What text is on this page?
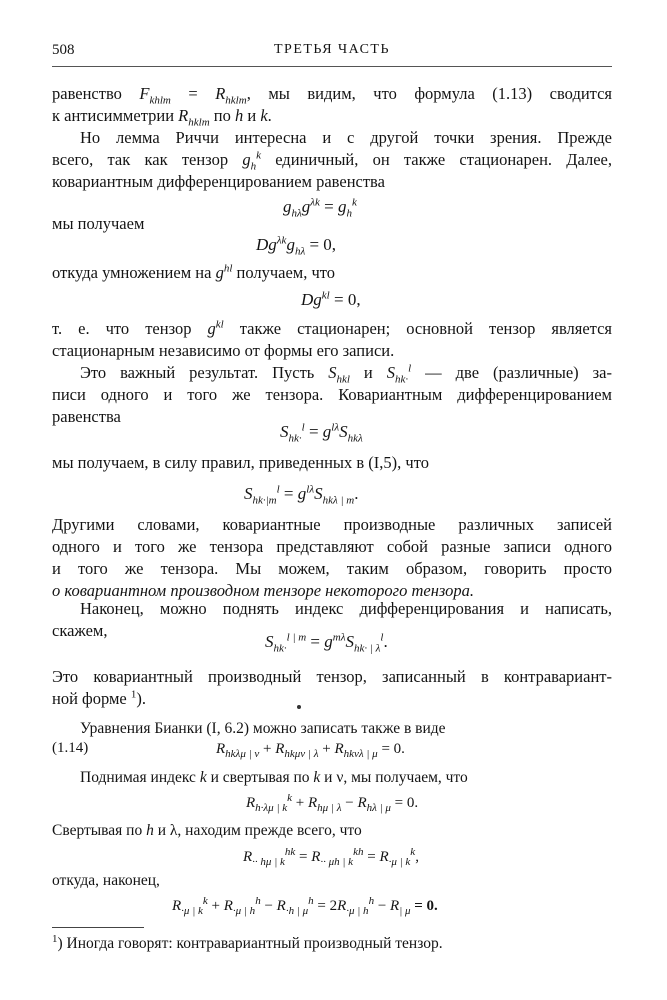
508	ТРЕТЬЯ ЧАСТЬ
равенство $F_{khlm} = R_{hklm}$, мы видим, что формула (1.13) сводится
к антисимметрии $R_{hklm}$ по h и k.
Но лемма Риччи интересна и с другой точки зрения. Прежде
всего, так как тензор $g_h^k$ единичный, он также стационарен. Далее,
ковариантным дифференцированием равенства
$g_{h\lambda}g^{\lambda k} = g_h^k$
мы получаем
$Dg^{\lambda k}g_{h\lambda} = 0$,
откуда умножением на $g^{hl}$ получаем, что
$Dg^{kl} = 0$,
т. е. что тензор $g^{kl}$ также стационарен; основной тензор является
стационарным независимо от формы его записи.
Это важный результат. Пусть $S_{hkl}$ и $S_{hk\cdot}^l$ — две (различные) за-
писи одного и того же тензора. Ковариантным дифференцированием
равенства
$S_{hk\cdot}^l = g^{l\lambda}S_{hk\lambda}$
мы получаем, в силу правил, приведенных в (I,5), что
$S_{hk\cdot|m}^l = g^{l\lambda}S_{hk\lambda | m}$.
Другими словами, ковариантные производные различных записей
одного и того же тензора представляют собой разные записи одного
и того же тензора. Мы можем, таким образом, говорить просто
о ковариантном производном тензоре некоторого тензора.
Наконец, можно поднять индекс дифференцирования и написать,
скажем,
$S_{hk\cdot}^{l | m} = g^{m\lambda}S_{hk\cdot | \lambda}^l$.
Это ковариантный производный тензор, записанный в контравариант-
ной форме $^1$).
Уравнения Бианки (I, 6.2) можно записать также в виде
(1.14)	$R_{hk\lambda\mu | \nu} + R_{hk\mu\nu | \lambda} + R_{hk\nu\lambda | \mu} = 0$.
Поднимая индекс k и свертывая по k и ν, мы получаем, что
$R_{h\cdot\lambda\mu | k}^k + R_{h\mu | \lambda} - R_{h\lambda | \mu} = 0$.
Свертывая по h и λ, находим прежде всего, что
$R_{\cdot\cdot h\mu | k}^{hk} = R_{\cdot\cdot \mu h | k}^{kh} = R_{\cdot\mu | k}^k$,
откуда, наконец,
$R_{\cdot\mu | k}^k + R_{\cdot\mu | h}^h - R_{\cdot h | \mu}^h = 2R_{\cdot\mu | h}^h - R_{| \mu} = 0$.
$^1$) Иногда говорят: контравариантный производный тензор.
